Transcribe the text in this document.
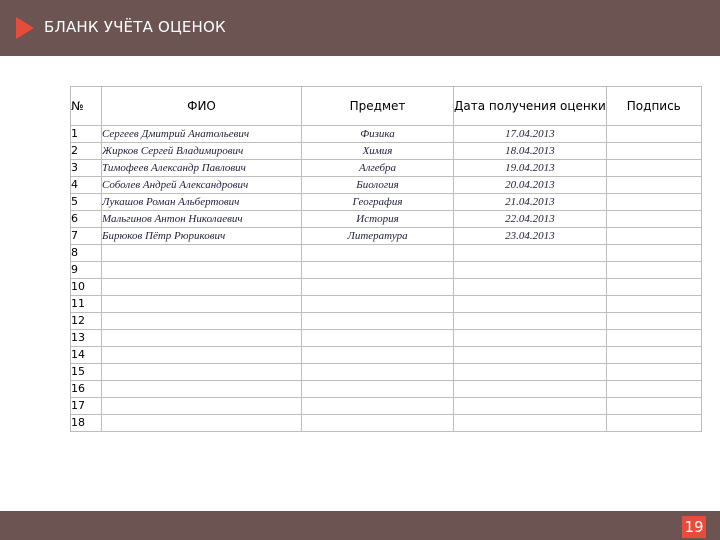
БЛАНК УЧЁТА ОЦЕНОК
№	ФИО	Предмет	Дата получения оценки	Подпись
1	Сергеев Дмитрий Анатольевич	Физика	17.04.2013	
2	Жирков Сергей Владимирович	Химия	18.04.2013	
3	Тимофеев Александр Павлович	Алгебра	19.04.2013	
4	Соболев Андрей Александрович	Биология	20.04.2013	
5	Лукашов Роман Альбертович	География	21.04.2013	
6	Мальгинов Антон Николаевич	История	22.04.2013	
7	Бирюков Пётр Рюрикович	Литература	23.04.2013	
8				
9				
10				
11				
12				
13				
14				
15				
16				
17				
18				
19
